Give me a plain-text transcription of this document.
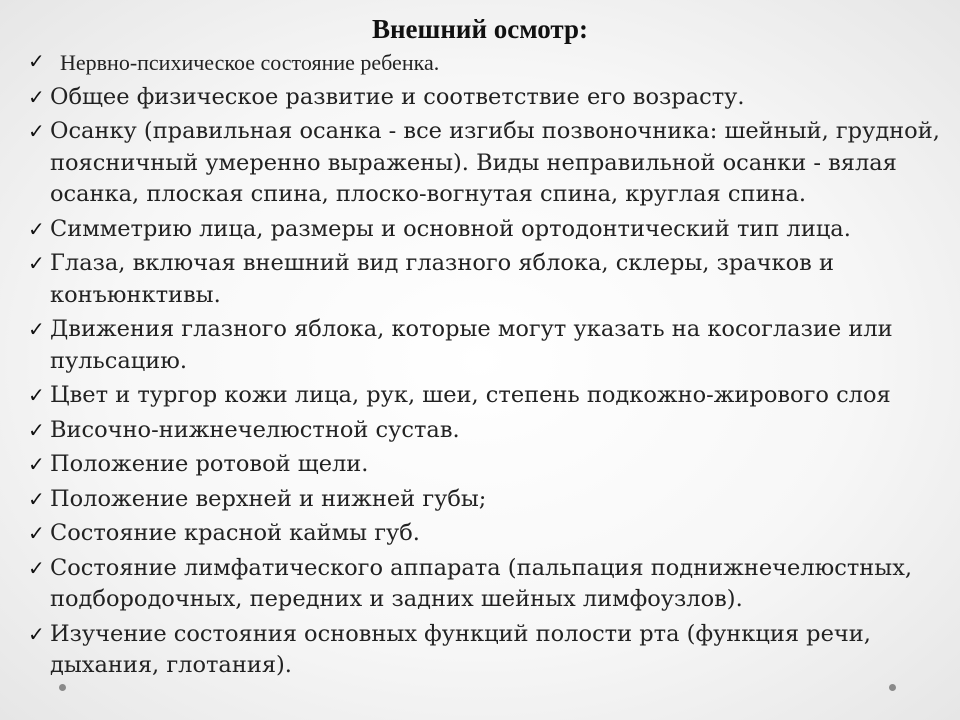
Внешний осмотр:
✓ Нервно-психическое состояние ребенка.
✓ Общее физическое развитие и соответствие его возрасту.
✓ Осанку (правильная осанка - все изгибы позвоночника: шейный, грудной, поясничный умеренно выражены). Виды неправильной осанки - вялая осанка, плоская спина, плоско-вогнутая спина, круглая спина.
✓ Симметрию лица, размеры и основной ортодонтический тип лица.
✓ Глаза, включая внешний вид глазного яблока, склеры, зрачков и конъюнктивы.
✓ Движения глазного яблока, которые могут указать на косоглазие или пульсацию.
✓ Цвет и тургор кожи лица, рук, шеи, степень подкожно-жирового слоя
✓ Височно-нижнечелюстной сустав.
✓ Положение ротовой щели.
✓ Положение верхней и нижней губы;
✓ Состояние красной каймы губ.
✓ Состояние лимфатического аппарата (пальпация поднижнечелюстных, подбородочных, передних и задних шейных лимфоузлов).
✓ Изучение состояния основных функций полости рта (функция речи, дыхания, глотания).
